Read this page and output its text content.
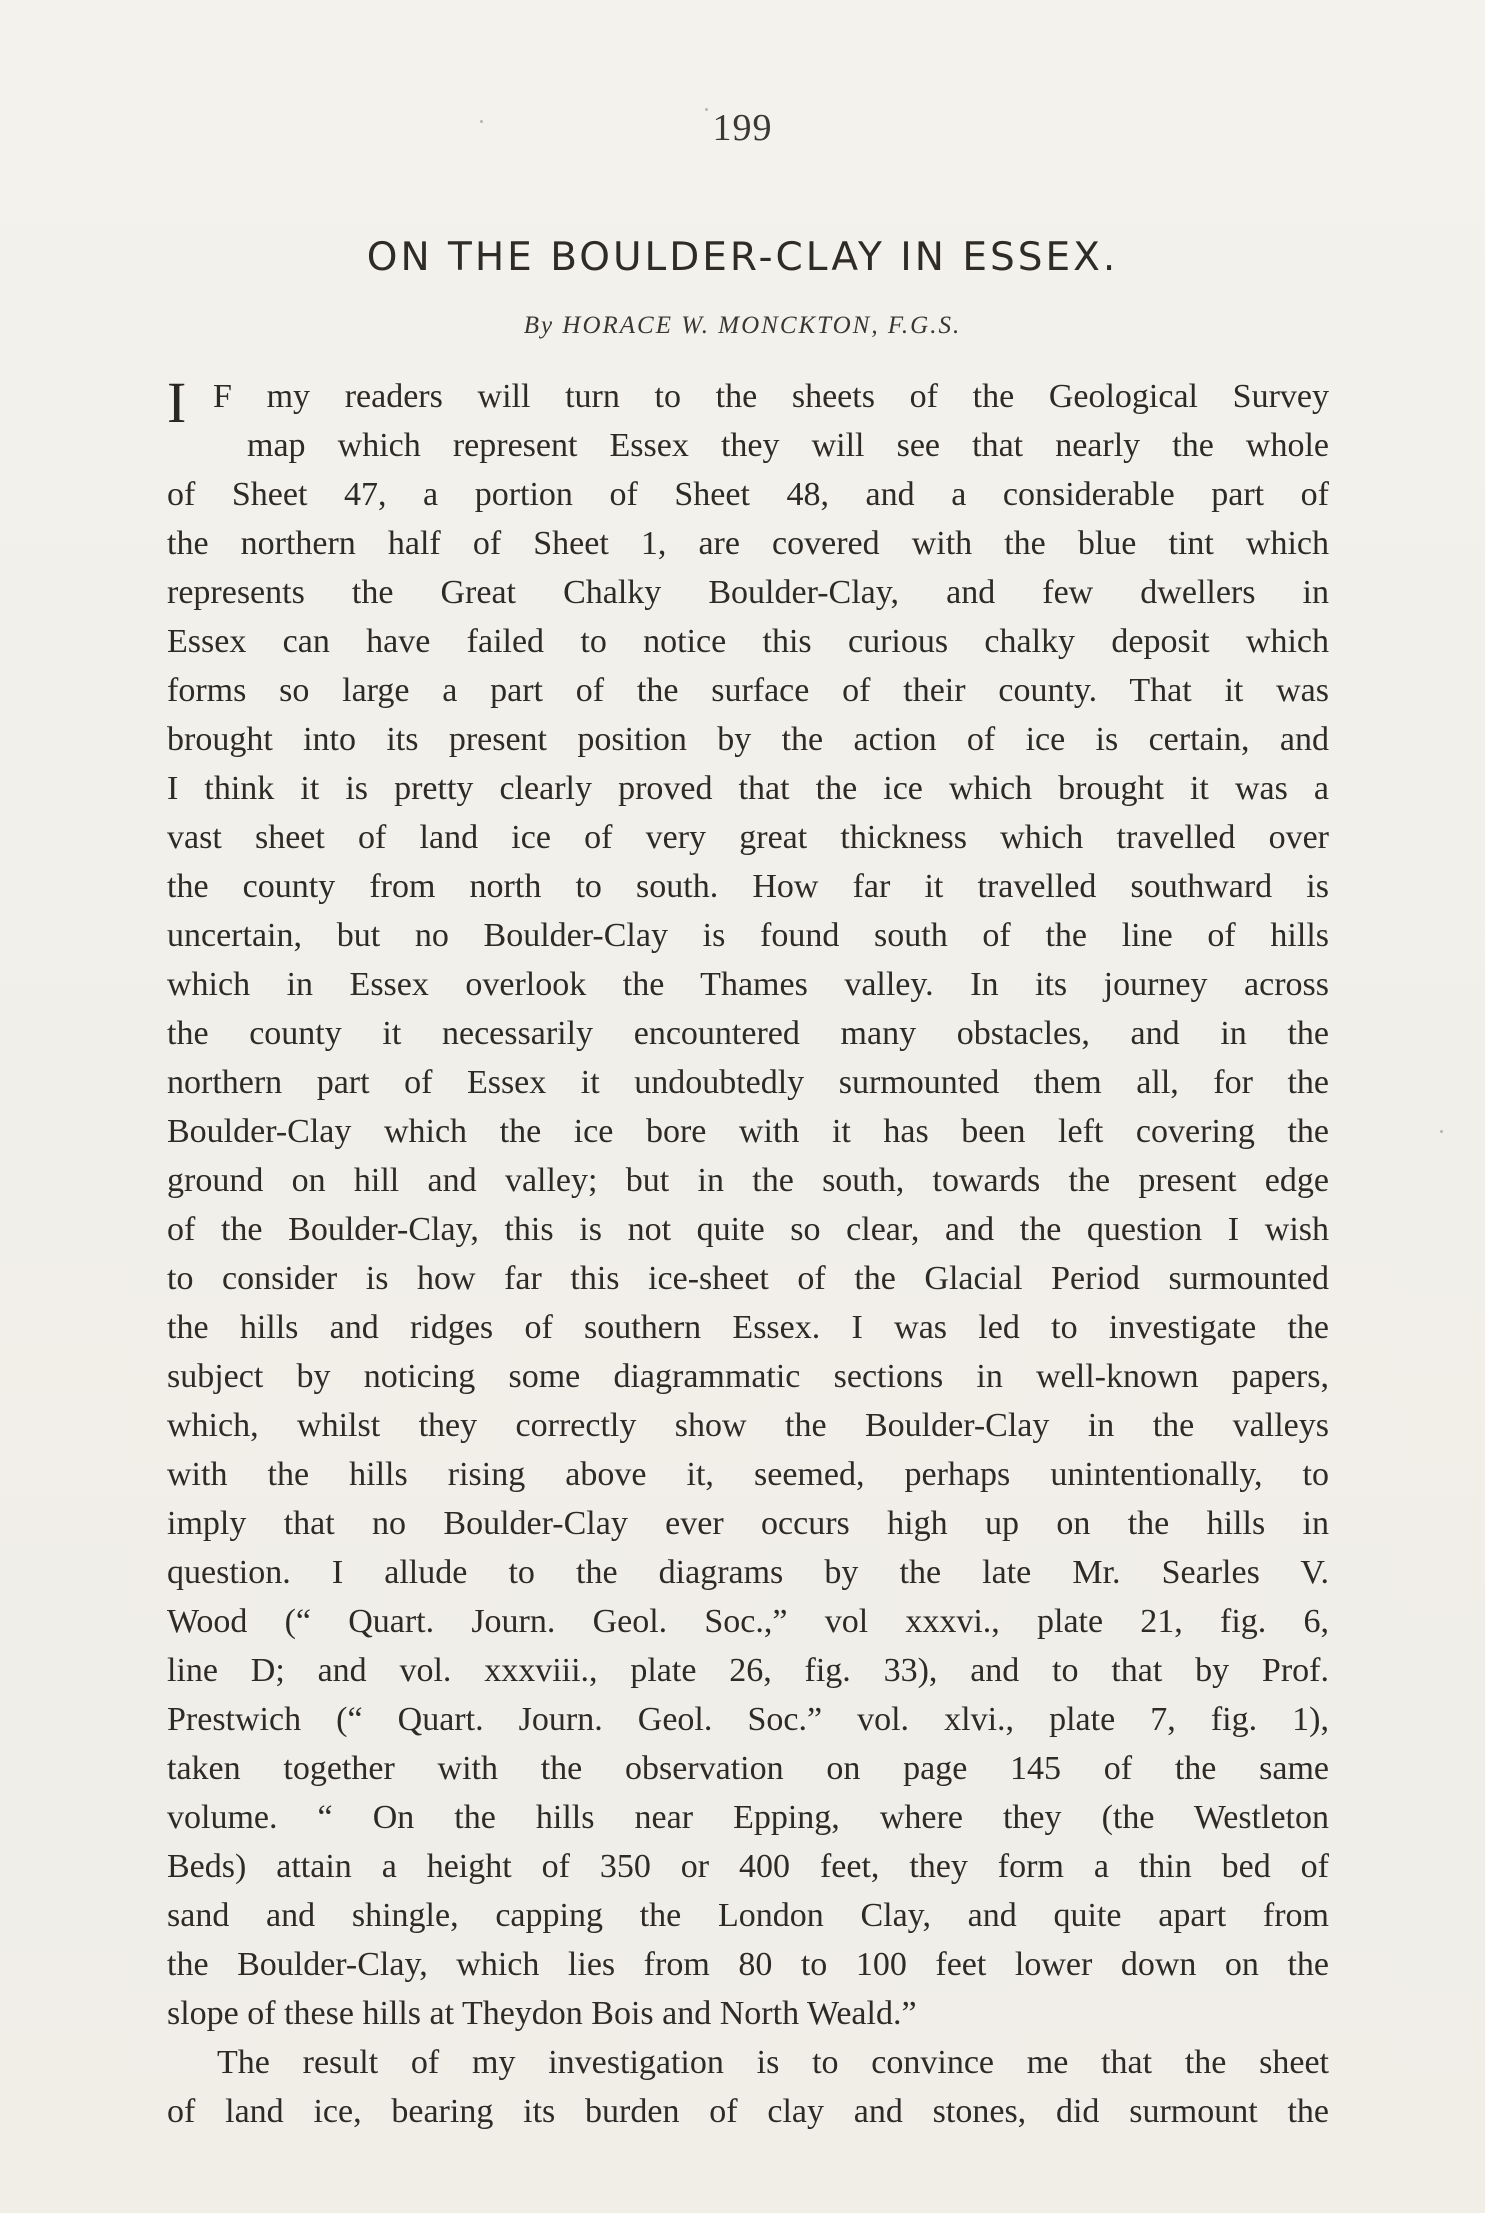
199
ON THE BOULDER-CLAY IN ESSEX.
By HORACE W. MONCKTON, F.G.S.
I F my readers will turn to the sheets of the Geological Survey
map which represent Essex they will see that nearly the whole
of Sheet 47, a portion of Sheet 48, and a considerable part of
the northern half of Sheet 1, are covered with the blue tint which
represents the Great Chalky Boulder-Clay, and few dwellers in
Essex can have failed to notice this curious chalky deposit which
forms so large a part of the surface of their county. That it was
brought into its present position by the action of ice is certain, and
I think it is pretty clearly proved that the ice which brought it was a
vast sheet of land ice of very great thickness which travelled over
the county from north to south. How far it travelled southward is
uncertain, but no Boulder-Clay is found south of the line of hills
which in Essex overlook the Thames valley. In its journey across
the county it necessarily encountered many obstacles, and in the
northern part of Essex it undoubtedly surmounted them all, for the
Boulder-Clay which the ice bore with it has been left covering the
ground on hill and valley; but in the south, towards the present edge
of the Boulder-Clay, this is not quite so clear, and the question I wish
to consider is how far this ice-sheet of the Glacial Period surmounted
the hills and ridges of southern Essex. I was led to investigate the
subject by noticing some diagrammatic sections in well-known papers,
which, whilst they correctly show the Boulder-Clay in the valleys
with the hills rising above it, seemed, perhaps unintentionally, to
imply that no Boulder-Clay ever occurs high up on the hills in
question. I allude to the diagrams by the late Mr. Searles V.
Wood (“ Quart. Journ. Geol. Soc.,” vol xxxvi., plate 21, fig. 6,
line D; and vol. xxxviii., plate 26, fig. 33), and to that by Prof.
Prestwich (“ Quart. Journ. Geol. Soc.” vol. xlvi., plate 7, fig. 1),
taken together with the observation on page 145 of the same
volume. “ On the hills near Epping, where they (the Westleton
Beds) attain a height of 350 or 400 feet, they form a thin bed of
sand and shingle, capping the London Clay, and quite apart from
the Boulder-Clay, which lies from 80 to 100 feet lower down on the
slope of these hills at Theydon Bois and North Weald.”
The result of my investigation is to convince me that the sheet
of land ice, bearing its burden of clay and stones, did surmount the
